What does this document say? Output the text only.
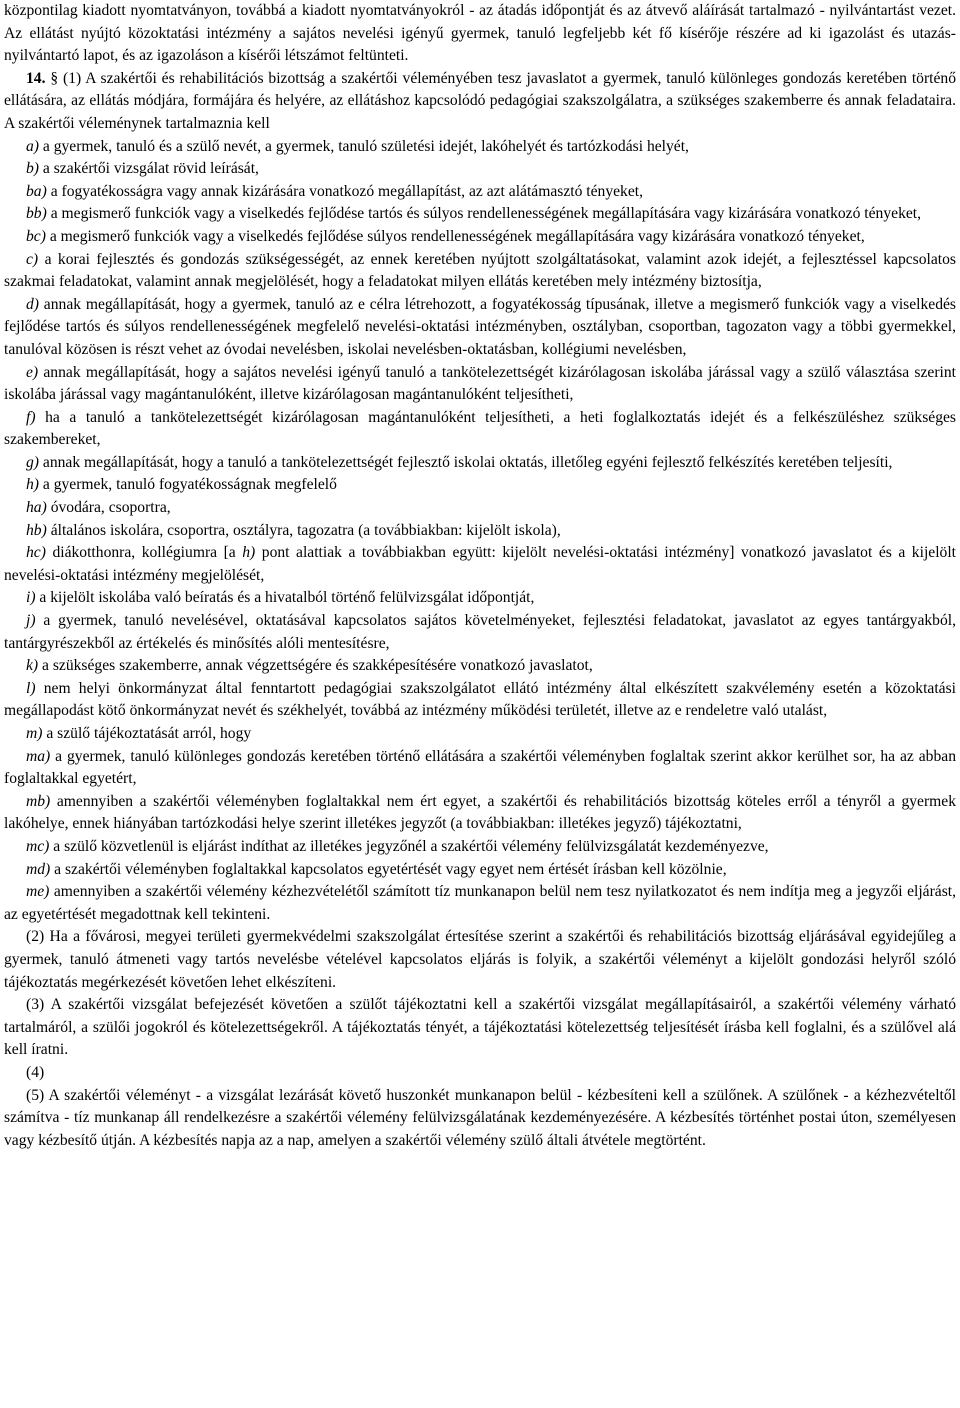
központilag kiadott nyomtatványon, továbbá a kiadott nyomtatványokról - az átadás időpontját és az átvevő aláírását tartalmazó - nyilvántartást vezet. Az ellátást nyújtó közoktatási intézmény a sajátos nevelési igényű gyermek, tanuló legfeljebb két fő kísérője részére ad ki igazolást és utazás-nyilvántartó lapot, és az igazoláson a kísérői létszámot feltünteti.

14. § (1) A szakértői és rehabilitációs bizottság a szakértői véleményében tesz javaslatot a gyermek, tanuló különleges gondozás keretében történő ellátására, az ellátás módjára, formájára és helyére, az ellátáshoz kapcsolódó pedagógiai szakszolgálatra, a szükséges szakemberre és annak feladataira. A szakértői véleménynek tartalmaznia kell

a) a gyermek, tanuló és a szülő nevét, a gyermek, tanuló születési idejét, lakóhelyét és tartózkodási helyét,

b) a szakértői vizsgálat rövid leírását,

ba) a fogyatékosságra vagy annak kizárására vonatkozó megállapítást, az azt alátámasztó tényeket,

bb) a megismerő funkciók vagy a viselkedés fejlődése tartós és súlyos rendellenességének megállapítására vagy kizárására vonatkozó tényeket,

bc) a megismerő funkciók vagy a viselkedés fejlődése súlyos rendellenességének megállapítására vagy kizárására vonatkozó tényeket,

c) a korai fejlesztés és gondozás szükségességét, az ennek keretében nyújtott szolgáltatásokat, valamint azok idejét, a fejlesztéssel kapcsolatos szakmai feladatokat, valamint annak megjelölését, hogy a feladatokat milyen ellátás keretében mely intézmény biztosítja,

d) annak megállapítását, hogy a gyermek, tanuló az e célra létrehozott, a fogyatékosság típusának, illetve a megismerő funkciók vagy a viselkedés fejlődése tartós és súlyos rendellenességének megfelelő nevelési-oktatási intézményben, osztályban, csoportban, tagozaton vagy a többi gyermekkel, tanulóval közösen is részt vehet az óvodai nevelésben, iskolai nevelésben-oktatásban, kollégiumi nevelésben,

e) annak megállapítását, hogy a sajátos nevelési igényű tanuló a tankötelezettségét kizárólagosan iskolába járással vagy a szülő választása szerint iskolába járással vagy magántanulóként, illetve kizárólagosan magántanulóként teljesítheti,

f) ha a tanuló a tankötelezettségét kizárólagosan magántanulóként teljesítheti, a heti foglalkoztatás idejét és a felkészüléshez szükséges szakembereket,

g) annak megállapítását, hogy a tanuló a tankötelezettségét fejlesztő iskolai oktatás, illetőleg egyéni fejlesztő felkészítés keretében teljesíti,

h) a gyermek, tanuló fogyatékosságnak megfelelő

ha) óvodára, csoportra,

hb) általános iskolára, csoportra, osztályra, tagozatra (a továbbiakban: kijelölt iskola),

hc) diákotthonra, kollégiumra [a h) pont alattiak a továbbiakban együtt: kijelölt nevelési-oktatási intézmény] vonatkozó javaslatot és a kijelölt nevelési-oktatási intézmény megjelölését,

i) a kijelölt iskolába való beíratás és a hivatalból történő felülvizsgálat időpontját,

j) a gyermek, tanuló nevelésével, oktatásával kapcsolatos sajátos követelményeket, fejlesztési feladatokat, javaslatot az egyes tantárgyakból, tantárgyrészekből az értékelés és minősítés alóli mentesítésre,

k) a szükséges szakemberre, annak végzettségére és szakképesítésére vonatkozó javaslatot,

l) nem helyi önkormányzat által fenntartott pedagógiai szakszolgálatot ellátó intézmény által elkészített szakvélemény esetén a közoktatási megállapodást kötő önkormányzat nevét és székhelyét, továbbá az intézmény működési területét, illetve az e rendeletre való utalást,

m) a szülő tájékoztatását arról, hogy

ma) a gyermek, tanuló különleges gondozás keretében történő ellátására a szakértői véleményben foglaltak szerint akkor kerülhet sor, ha az abban foglaltakkal egyetért,

mb) amennyiben a szakértői véleményben foglaltakkal nem ért egyet, a szakértői és rehabilitációs bizottság köteles erről a tényről a gyermek lakóhelye, ennek hiányában tartózkodási helye szerint illetékes jegyzőt (a továbbiakban: illetékes jegyző) tájékoztatni,

mc) a szülő közvetlenül is eljárást indíthat az illetékes jegyzőnél a szakértői vélemény felülvizsgálatát kezdeményezve,

md) a szakértői véleményben foglaltakkal kapcsolatos egyetértését vagy egyet nem értését írásban kell közölnie,

me) amennyiben a szakértői vélemény kézhezvételétől számított tíz munkanapon belül nem tesz nyilatkozatot és nem indítja meg a jegyzői eljárást, az egyetértését megadottnak kell tekinteni.

(2) Ha a fővárosi, megyei területi gyermekvédelmi szakszolgálat értesítése szerint a szakértői és rehabilitációs bizottság eljárásával egyidejűleg a gyermek, tanuló átmeneti vagy tartós nevelésbe vételével kapcsolatos eljárás is folyik, a szakértői véleményt a kijelölt gondozási helyről szóló tájékoztatás megérkezését követően lehet elkészíteni.

(3) A szakértői vizsgálat befejezését követően a szülőt tájékoztatni kell a szakértői vizsgálat megállapításairól, a szakértői vélemény várható tartalmáról, a szülői jogokról és kötelezettségekről. A tájékoztatás tényét, a tájékoztatási kötelezettség teljesítését írásba kell foglalni, és a szülővel alá kell íratni.

(4)

(5) A szakértői véleményt - a vizsgálat lezárását követő huszonkét munkanapon belül - kézbesíteni kell a szülőnek. A szülőnek - a kézhezvételtől számítva - tíz munkanap áll rendelkezésre a szakértői vélemény felülvizsgálatának kezdeményezésére. A kézbesítés történhet postai úton, személyesen vagy kézbesítő útján. A kézbesítés napja az a nap, amelyen a szakértői vélemény szülő általi átvétele megtörtént.
